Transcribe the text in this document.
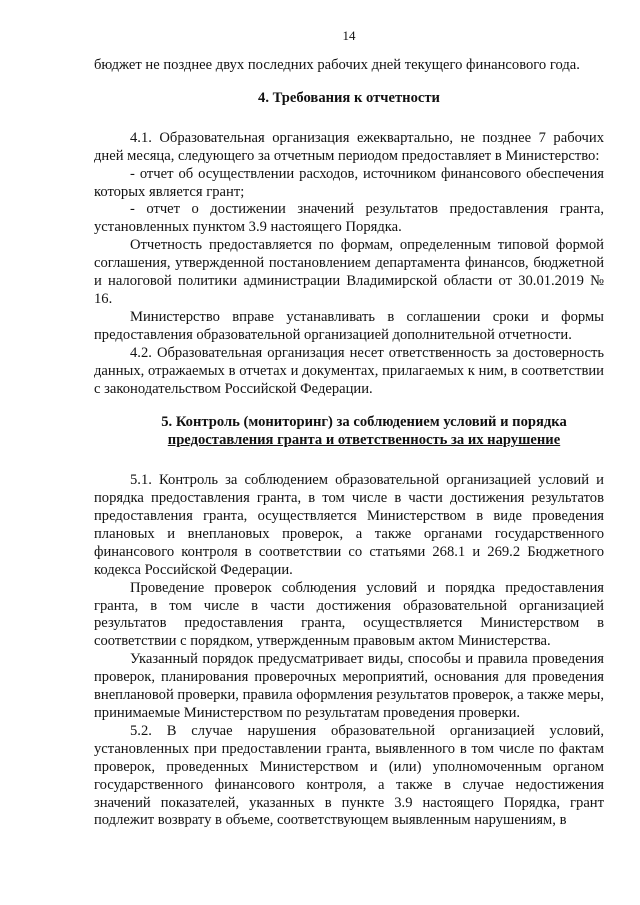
14

бюджет не позднее двух последних рабочих дней текущего финансового года.

4. Требования к отчетности

4.1. Образовательная организация ежеквартально, не позднее 7 рабочих дней месяца, следующего за отчетным периодом предоставляет в Министерство:

- отчет об осуществлении расходов, источником финансового обеспечения которых является грант;

- отчет о достижении значений результатов предоставления гранта, установленных пунктом 3.9 настоящего Порядка.

Отчетность предоставляется по формам, определенным типовой формой соглашения, утвержденной постановлением департамента финансов, бюджетной и налоговой политики администрации Владимирской области от 30.01.2019 № 16.

Министерство вправе устанавливать в соглашении сроки и формы предоставления образовательной организацией дополнительной отчетности.

4.2. Образовательная организация несет ответственность за достоверность данных, отражаемых в отчетах и документах, прилагаемых к ним, в соответствии с законодательством Российской Федерации.

5. Контроль (мониторинг) за соблюдением условий и порядка
предоставления гранта и ответственность за их нарушение

5.1. Контроль за соблюдением образовательной организацией условий и порядка предоставления гранта, в том числе в части достижения результатов предоставления гранта, осуществляется Министерством в виде проведения плановых и внеплановых проверок, а также органами государственного финансового контроля в соответствии со статьями 268.1 и 269.2 Бюджетного кодекса Российской Федерации.

Проведение проверок соблюдения условий и порядка предоставления гранта, в том числе в части достижения образовательной организацией результатов предоставления гранта, осуществляется Министерством в соответствии с порядком, утвержденным правовым актом Министерства.

Указанный порядок предусматривает виды, способы и правила проведения проверок, планирования проверочных мероприятий, основания для проведения внеплановой проверки, правила оформления результатов проверок, а также меры, принимаемые Министерством по результатам проведения проверки.

5.2. В случае нарушения образовательной организацией условий, установленных при предоставлении гранта, выявленного в том числе по фактам проверок, проведенных Министерством и (или) уполномоченным органом государственного финансового контроля, а также в случае недостижения значений показателей, указанных в пункте 3.9 настоящего Порядка, грант подлежит возврату в объеме, соответствующем выявленным нарушениям, в
